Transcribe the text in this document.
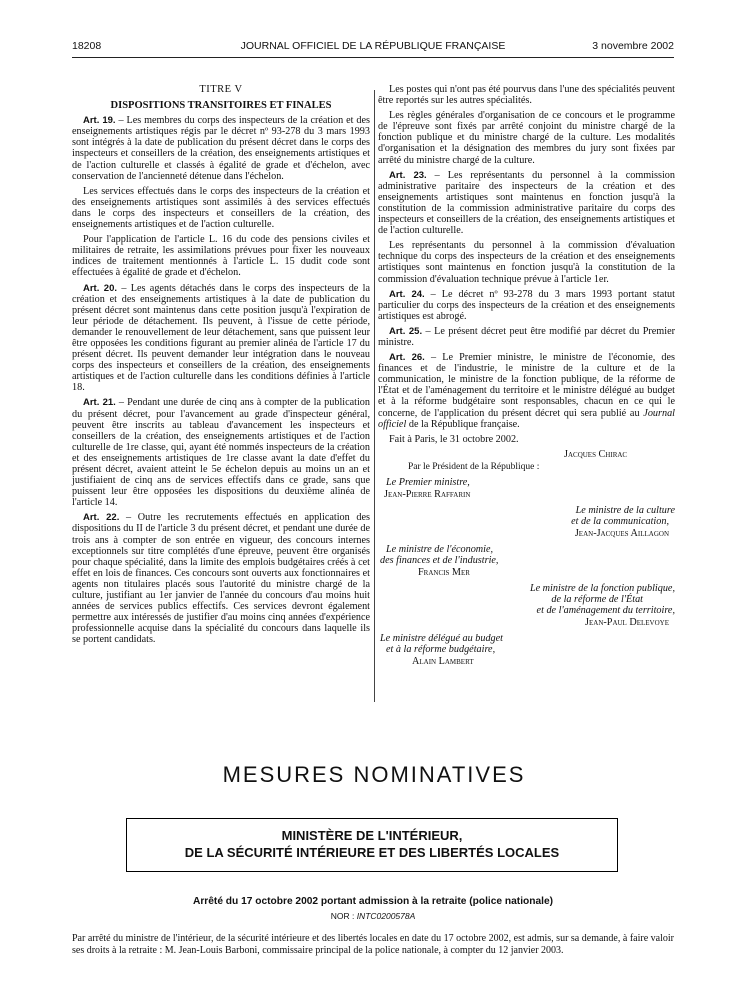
18208	JOURNAL OFFICIEL DE LA RÉPUBLIQUE FRANÇAISE	3 novembre 2002

TITRE V

DISPOSITIONS TRANSITOIRES ET FINALES

Art. 19. – Les membres du corps des inspecteurs de la création et des enseignements artistiques régis par le décret nº 93-278 du 3 mars 1993 sont intégrés à la date de publication du présent décret dans le corps des inspecteurs et conseillers de la création, des enseignements artistiques et de l'action culturelle et classés à égalité de grade et d'échelon, avec conservation de l'ancienneté détenue dans l'échelon.

Les services effectués dans le corps des inspecteurs de la création et des enseignements artistiques sont assimilés à des services effectués dans le corps des inspecteurs et conseillers de la création, des enseignements artistiques et de l'action culturelle.

Pour l'application de l'article L. 16 du code des pensions civiles et militaires de retraite, les assimilations prévues pour fixer les nouveaux indices de traitement mentionnés à l'article L. 15 dudit code sont effectuées à égalité de grade et d'échelon.

Art. 20. – Les agents détachés dans le corps des inspecteurs de la création et des enseignements artistiques à la date de publication du présent décret sont maintenus dans cette position jusqu'à l'expiration de leur période de détachement. Ils peuvent, à l'issue de cette période, demander le renouvellement de leur détachement, sans que puissent leur être opposées les conditions figurant au premier alinéa de l'article 17 du présent décret. Ils peuvent demander leur intégration dans le nouveau corps des inspecteurs et conseillers de la création, des enseignements artistiques et de l'action culturelle dans les conditions définies à l'article 18.

Art. 21. – Pendant une durée de cinq ans à compter de la publication du présent décret, pour l'avancement au grade d'inspecteur général, peuvent être inscrits au tableau d'avancement les inspecteurs et conseillers de la création, des enseignements artistiques et de l'action culturelle de 1re classe, qui, ayant été nommés inspecteurs de la création et des enseignements artistiques de 1re classe avant la date d'effet du présent décret, avaient atteint le 5e échelon depuis au moins un an et justifiaient de cinq ans de services effectifs dans ce grade, sans que puissent leur être opposées les dispositions du deuxième alinéa de l'article 14.

Art. 22. – Outre les recrutements effectués en application des dispositions du II de l'article 3 du présent décret, et pendant une durée de trois ans à compter de son entrée en vigueur, des concours internes exceptionnels sur titre complétés d'une épreuve, peuvent être organisés pour chaque spécialité, dans la limite des emplois budgétaires créés à cet effet en lois de finances. Ces concours sont ouverts aux fonctionnaires et agents non titulaires placés sous l'autorité du ministre chargé de la culture, justifiant au 1er janvier de l'année du concours d'au moins huit années de services publics effectifs. Ces services devront également permettre aux intéressés de justifier d'au moins cinq années d'expérience professionnelle acquise dans la spécialité du concours dans laquelle ils se portent candidats.

Les postes qui n'ont pas été pourvus dans l'une des spécialités peuvent être reportés sur les autres spécialités.

Les règles générales d'organisation de ce concours et le programme de l'épreuve sont fixés par arrêté conjoint du ministre chargé de la fonction publique et du ministre chargé de la culture. Les modalités d'organisation et la désignation des membres du jury sont fixées par arrêté du ministre chargé de la culture.

Art. 23. – Les représentants du personnel à la commission administrative paritaire des inspecteurs de la création et des enseignements artistiques sont maintenus en fonction jusqu'à la constitution de la commission administrative paritaire du corps des inspecteurs et conseillers de la création, des enseignements artistiques et de l'action culturelle.

Les représentants du personnel à la commission d'évaluation technique du corps des inspecteurs de la création et des enseignements artistiques sont maintenus en fonction jusqu'à la constitution de la commission d'évaluation technique prévue à l'article 1er.

Art. 24. – Le décret nº 93-278 du 3 mars 1993 portant statut particulier du corps des inspecteurs de la création et des enseignements artistiques est abrogé.

Art. 25. – Le présent décret peut être modifié par décret du Premier ministre.

Art. 26. – Le Premier ministre, le ministre de l'économie, des finances et de l'industrie, le ministre de la culture et de la communication, le ministre de la fonction publique, de la réforme de l'État et de l'aménagement du territoire et le ministre délégué au budget et à la réforme budgétaire sont responsables, chacun en ce qui le concerne, de l'application du présent décret qui sera publié au Journal officiel de la République française.

Fait à Paris, le 31 octobre 2002.

Jacques Chirac
Par le Président de la République :
Le Premier ministre,
Jean-Pierre Raffarin
Le ministre de la culture
et de la communication,
Jean-Jacques Aillagon
Le ministre de l'économie,
des finances et de l'industrie,
Francis Mer
Le ministre de la fonction publique,
de la réforme de l'État
et de l'aménagement du territoire,
Jean-Paul Delevoye
Le ministre délégué au budget
et à la réforme budgétaire,
Alain Lambert
MESURES NOMINATIVES
MINISTÈRE DE L'INTÉRIEUR,
DE LA SÉCURITÉ INTÉRIEURE ET DES LIBERTÉS LOCALES
Arrêté du 17 octobre 2002 portant admission à la retraite (police nationale)
NOR : INTC0200578A
Par arrêté du ministre de l'intérieur, de la sécurité intérieure et des libertés locales en date du 17 octobre 2002, est admis, sur sa demande, à faire valoir ses droits à la retraite : M. Jean-Louis Barboni, commissaire principal de la police nationale, à compter du 12 janvier 2003.
